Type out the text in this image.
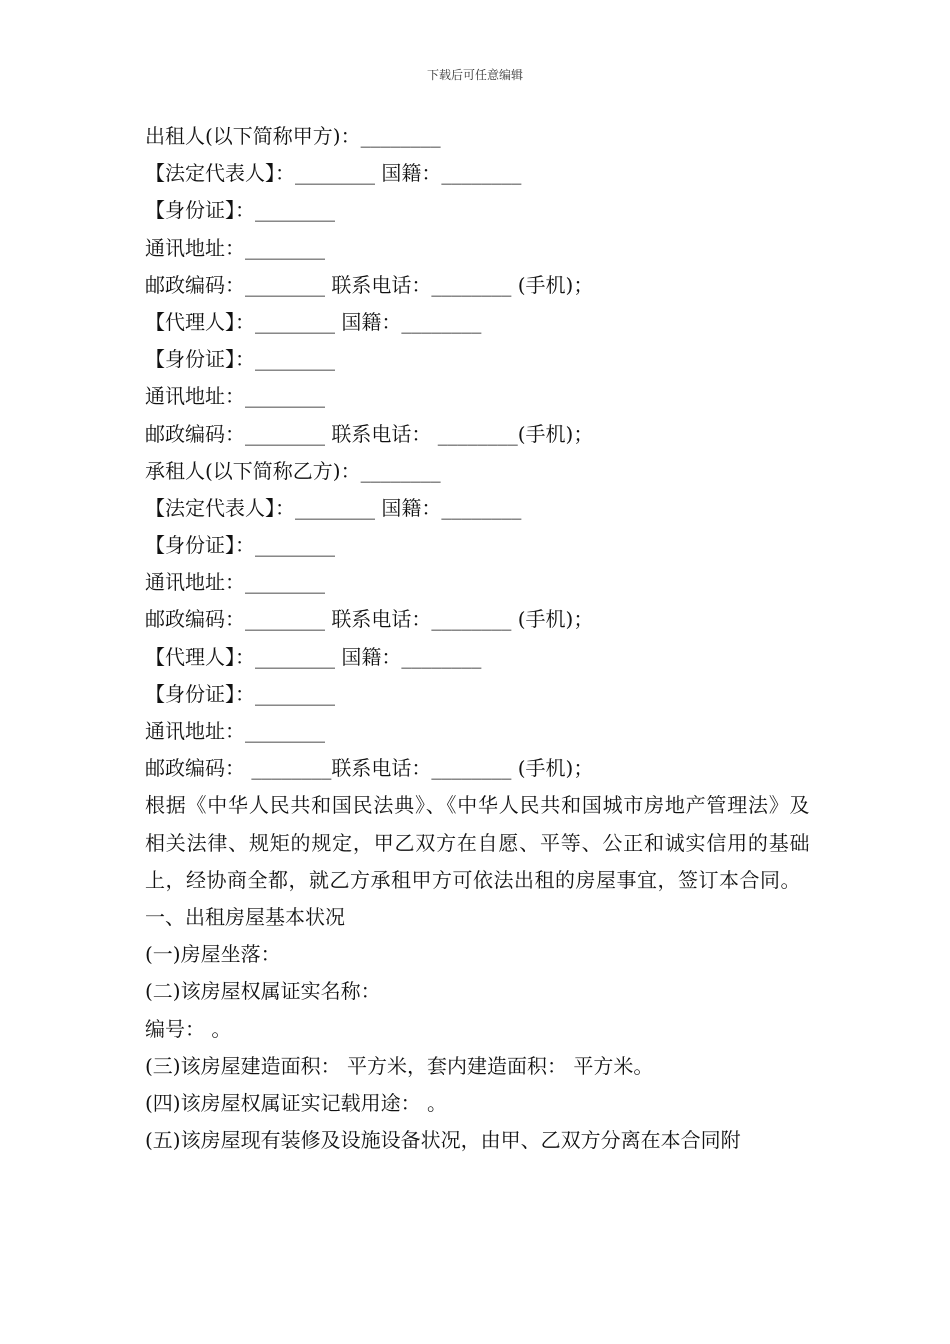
下载后可任意编辑
出租人(以下简称甲方)：________
【法定代表人】：________ 国籍：________
【身份证】：________
通讯地址：________
邮政编码：________ 联系电话：________ (手机)；
【代理人】：________ 国籍：________
【身份证】：________
通讯地址：________
邮政编码：________ 联系电话： ________(手机)；
承租人(以下简称乙方)：________
【法定代表人】：________ 国籍：________
【身份证】：________
通讯地址：________
邮政编码：________ 联系电话：________ (手机)；
【代理人】：________ 国籍：________
【身份证】：________
通讯地址：________
邮政编码： ________联系电话：________ (手机)；
根据《中华人民共和国民法典》、《中华人民共和国城市房地产管理法》及相关法律、规矩的规定，甲乙双方在自愿、平等、公正和诚实信用的基础上，经协商全都，就乙方承租甲方可依法出租的房屋事宜，签订本合同。
一、出租房屋基本状况
(一)房屋坐落：
(二)该房屋权属证实名称：
编号： 。
(三)该房屋建造面积： 平方米，套内建造面积： 平方米。
(四)该房屋权属证实记载用途： 。
(五)该房屋现有装修及设施设备状况，由甲、乙双方分离在本合同附
